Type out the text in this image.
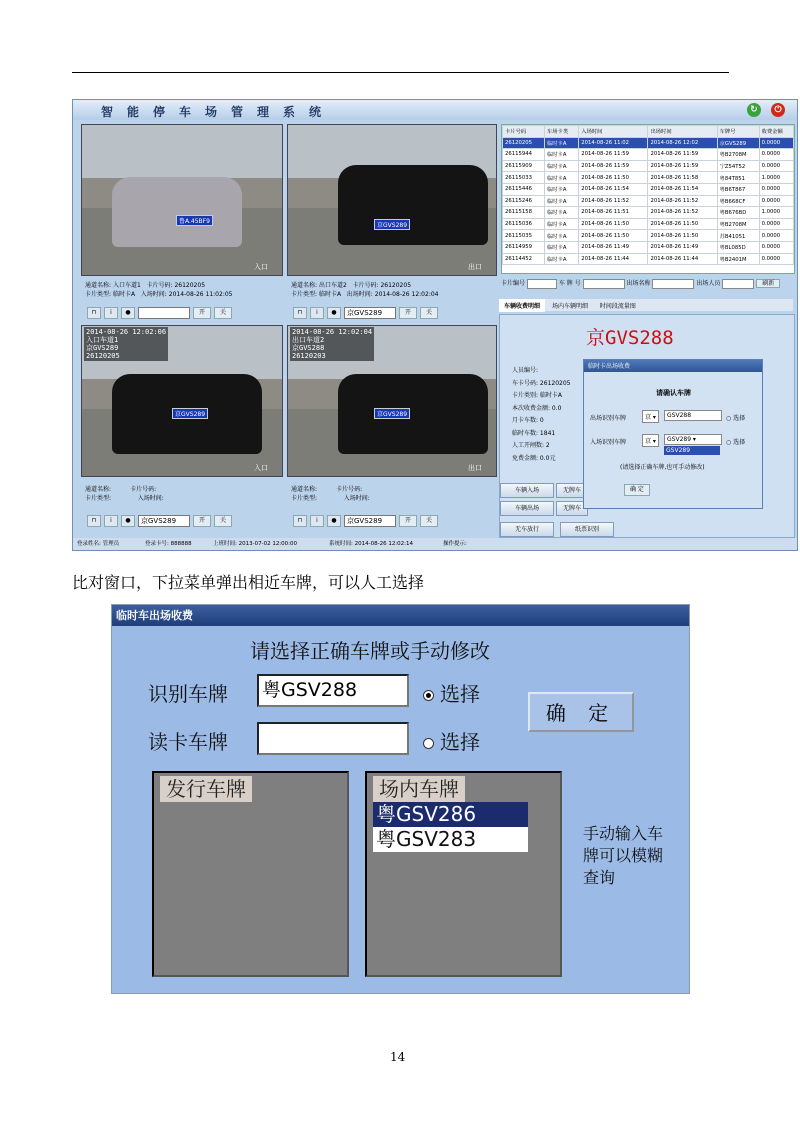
智能停车场管理系统	↻	⏻
鲁A.45BF9
入口
京GVS289
出口
京GVS289
2014-08-26 12:02:06
入口车道1
京GVS289
26120205
入口
京GVS289
2014-08-26 12:02:04
出口车道2
京GVS288
26120203
出口
通道名称: 入口车道1 卡片号码: 26120205
卡片类型: 临时卡A 入场时间: 2014-08-26 11:02:05
通道名称: 出口车道2 卡片号码: 26120205
卡片类型: 临时卡A 出场时间: 2014-08-26 12:02:04
通道名称:	卡片号码:
卡片类型:	入场时间:
通道名称:	卡片号码:
卡片类型:	入场时间:
⊓	i	●	开	关	⊓	i	●	京GVS289	开	关
⊓	i	●	京GVS289	开	关	⊓	i	●	京GVS289	开	关
卡片号码	车场卡类	入场时间	出场时间	车牌号	收费金额
26120205	临时卡A	2014-08-26 11:02	2014-08-26 12:02	京GVS289	0.0000
26115944	临时卡A	2014-08-26 11:59	2014-08-26 11:59	粤B2708M	0.0000
26115909	临时卡A	2014-08-26 11:59	2014-08-26 11:59	宁Z54T52	0.0000
26115033	临时卡A	2014-08-26 11:50	2014-08-26 11:58	粤84T851	1.0000
26115446	临时卡A	2014-08-26 11:54	2014-08-26 11:54	粤B6T867	0.0000
26115246	临时卡A	2014-08-26 11:52	2014-08-26 11:52	粤B668CF	0.0000
26115158	临时卡A	2014-08-26 11:51	2014-08-26 11:52	粤B676BD	1.0000
26115036	临时卡A	2014-08-26 11:50	2014-08-26 11:50	粤B2708M	0.0000
26115035	临时卡A	2014-08-26 11:50	2014-08-26 11:50	苏B41051	0.0000
26114959	临时卡A	2014-08-26 11:49	2014-08-26 11:49	粤BL085D	0.0000
26114452	临时卡A	2014-08-26 11:44	2014-08-26 11:44	粤B2401M	0.0000
卡片编号	车 牌 号	出场名称	出场人员	刷新
车辆收费明细 场内车辆明细 时间段流量图
京GVS288
人员编号:
车卡号码: 26120205
卡片类别: 临时卡A
本次收费金额: 0.0
月卡车数: 0
临时车数: 1841
人工开闸数: 2
免费金额: 0.0元
车辆入场
车辆出场
无车放行
无牌车
无牌车
纸票识别
临时卡出场收费
请确认车牌
出场识别车牌	京 ▾	GSV288	○ 选择
入场识别车牌	京 ▾	GSV289 ▾
GSV289
○ 选择
(请选择正确车牌,也可手动修改)
确 定
登录姓名: 管理员	登录卡号: 888888	上班时间: 2013-07-02 12:00:00	系统时间: 2014-08-26 12:02:14	操作提示:
比对窗口，下拉菜单弹出相近车牌，可以人工选择
临时车出场收费
请选择正确车牌或手动修改
识别车牌 粤GSV288	选择
读卡车牌	选择
确 定
发行车牌	场内车牌
粤GSV286
粤GSV283	手动输入车牌可以模糊查询
14
